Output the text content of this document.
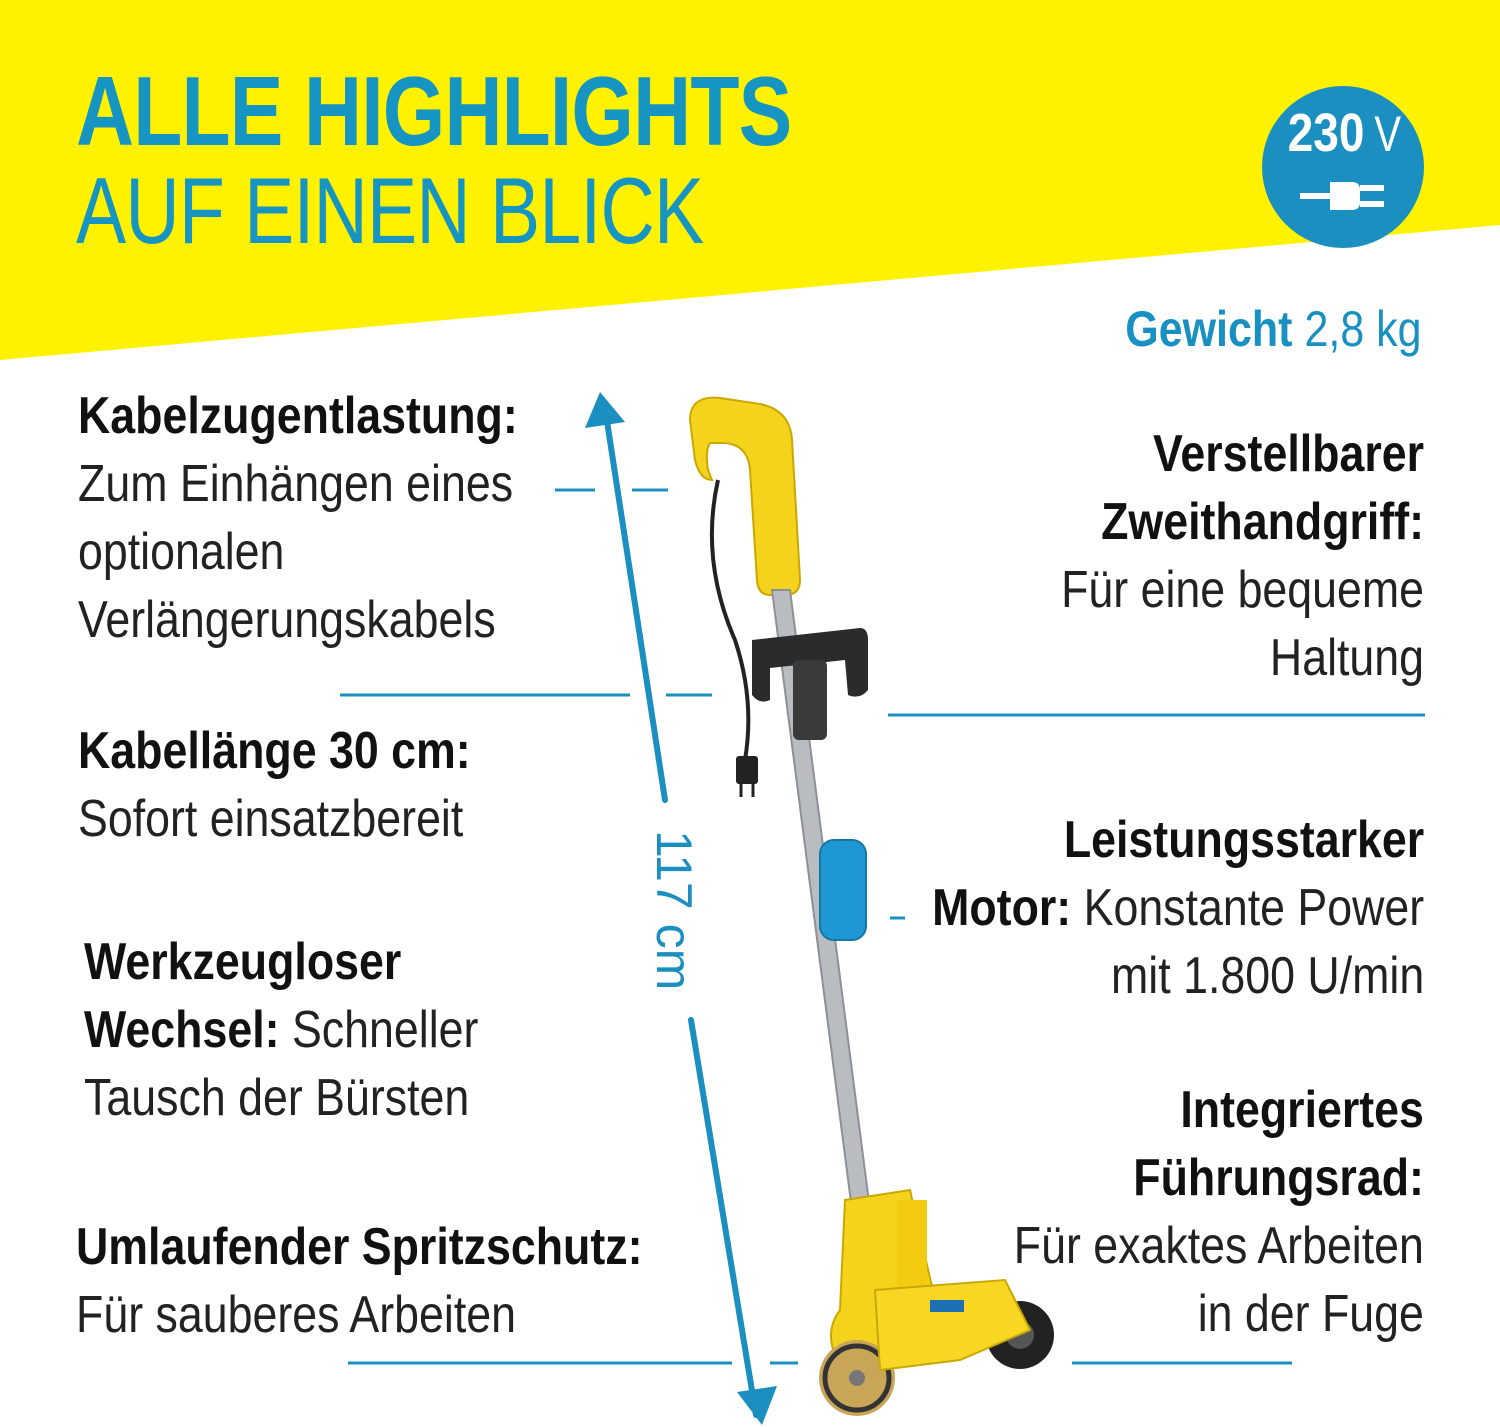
ALLE HIGHLIGHTS
AUF EINEN BLICK
230 V
Gewicht 2,8 kg
117 cm
Kabelzugentlastung:
Zum Einhängen eines
optionalen
Verlängerungskabels
Kabellänge 30 cm:
Sofort einsatzbereit
Werkzeugloser
Wechsel: Schneller
Tausch der Bürsten
Umlaufender Spritzschutz:
Für sauberes Arbeiten
Verstellbarer
Zweithandgriff:
Für eine bequeme
Haltung
Leistungsstarker
Motor: Konstante Power
mit 1.800 U/min
Integriertes
Führungsrad:
Für exaktes Arbeiten
in der Fuge
